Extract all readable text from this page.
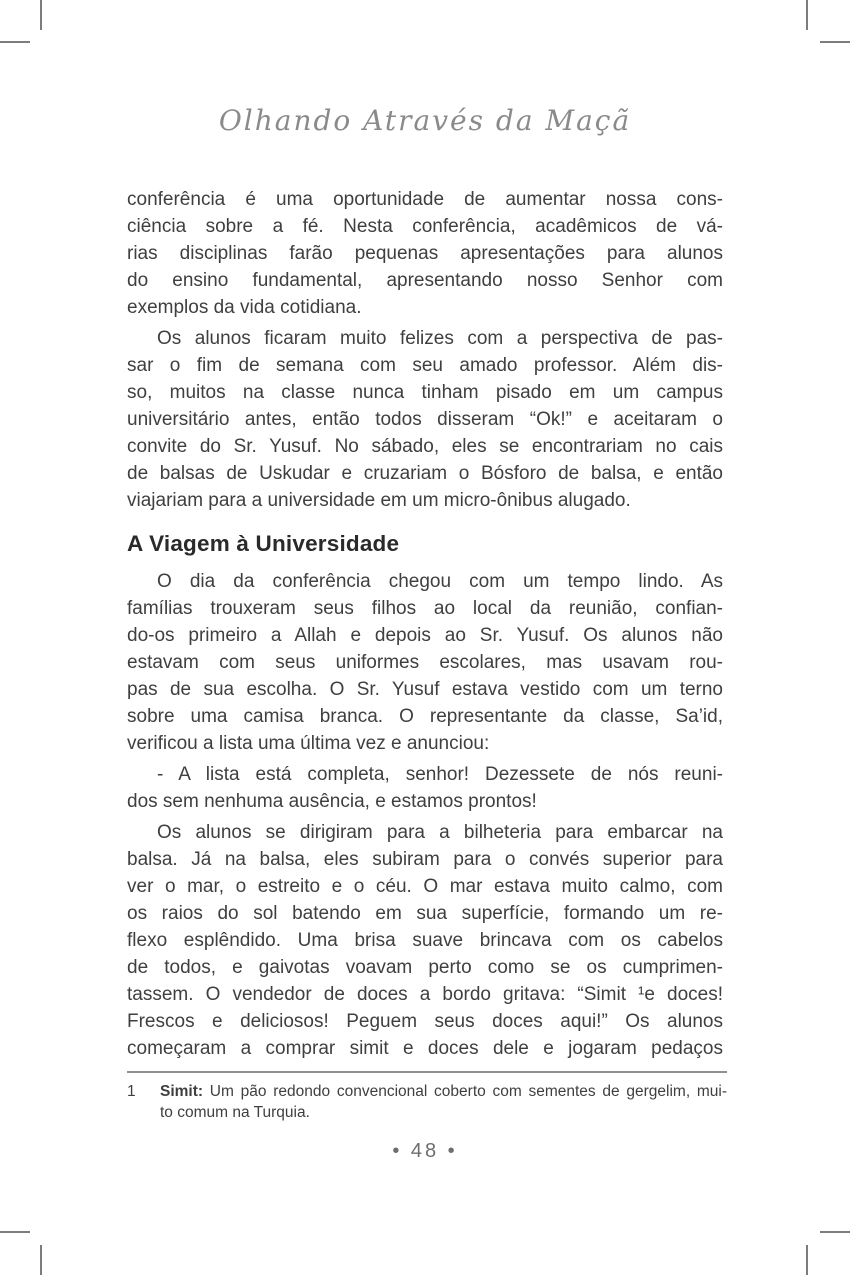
Olhando Através da Maçã
conferência é uma oportunidade de aumentar nossa cons-
ciência sobre a fé. Nesta conferência, acadêmicos de vá-
rias disciplinas farão pequenas apresentações para alunos
do ensino fundamental, apresentando nosso Senhor com
exemplos da vida cotidiana.
Os alunos ficaram muito felizes com a perspectiva de pas-
sar o fim de semana com seu amado professor. Além dis-
so, muitos na classe nunca tinham pisado em um campus
universitário antes, então todos disseram “Ok!” e aceitaram o
convite do Sr. Yusuf. No sábado, eles se encontrariam no cais
de balsas de Uskudar e cruzariam o Bósforo de balsa, e então
viajariam para a universidade em um micro-ônibus alugado.
A Viagem à Universidade
O dia da conferência chegou com um tempo lindo. As
famílias trouxeram seus filhos ao local da reunião, confian-
do-os primeiro a Allah e depois ao Sr. Yusuf. Os alunos não
estavam com seus uniformes escolares, mas usavam rou-
pas de sua escolha. O Sr. Yusuf estava vestido com um terno
sobre uma camisa branca. O representante da classe, Sa’id,
verificou a lista uma última vez e anunciou:
- A lista está completa, senhor! Dezessete de nós reuni-
dos sem nenhuma ausência, e estamos prontos!
Os alunos se dirigiram para a bilheteria para embarcar na
balsa. Já na balsa, eles subiram para o convés superior para
ver o mar, o estreito e o céu. O mar estava muito calmo, com
os raios do sol batendo em sua superfície, formando um re-
flexo esplêndido. Uma brisa suave brincava com os cabelos
de todos, e gaivotas voavam perto como se os cumprimen-
tassem. O vendedor de doces a bordo gritava: “Simit ¹e doces!
Frescos e deliciosos! Peguem seus doces aqui!” Os alunos
começaram a comprar simit e doces dele e jogaram pedaços
1 Simit: Um pão redondo convencional coberto com sementes de gergelim, mui-
to comum na Turquia.
• 48 •
